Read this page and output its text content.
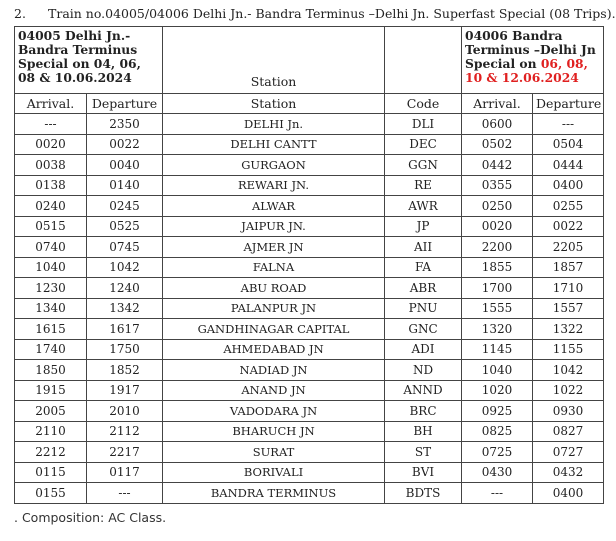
2. Train no.04005/04006 Delhi Jn.- Bandra Terminus –Delhi Jn. Superfast Special (08 Trips).
04005 Delhi Jn.- Bandra Terminus Special on 04, 06, 08 & 10.06.2024		Station		04006 Bandra Terminus –Delhi Jn Special on 06, 08, 10 & 12.06.2024	
Arrival.	Departure	Station	Code	Arrival.	Departure
---	2350	DELHI Jn.	DLI	0600	---
0020	0022	DELHI CANTT	DEC	0502	0504
0038	0040	GURGAON	GGN	0442	0444
0138	0140	REWARI JN.	RE	0355	0400
0240	0245	ALWAR	AWR	0250	0255
0515	0525	JAIPUR JN.	JP	0020	0022
0740	0745	AJMER JN	AII	2200	2205
1040	1042	FALNA	FA	1855	1857
1230	1240	ABU ROAD	ABR	1700	1710
1340	1342	PALANPUR JN	PNU	1555	1557
1615	1617	GANDHINAGAR CAPITAL	GNC	1320	1322
1740	1750	AHMEDABAD JN	ADI	1145	1155
1850	1852	NADIAD JN	ND	1040	1042
1915	1917	ANAND JN	ANND	1020	1022
2005	2010	VADODARA JN	BRC	0925	0930
2110	2112	BHARUCH JN	BH	0825	0827
2212	2217	SURAT	ST	0725	0727
0115	0117	BORIVALI	BVI	0430	0432
0155	---	BANDRA TERMINUS	BDTS	---	0400
. Composition: AC Class.
